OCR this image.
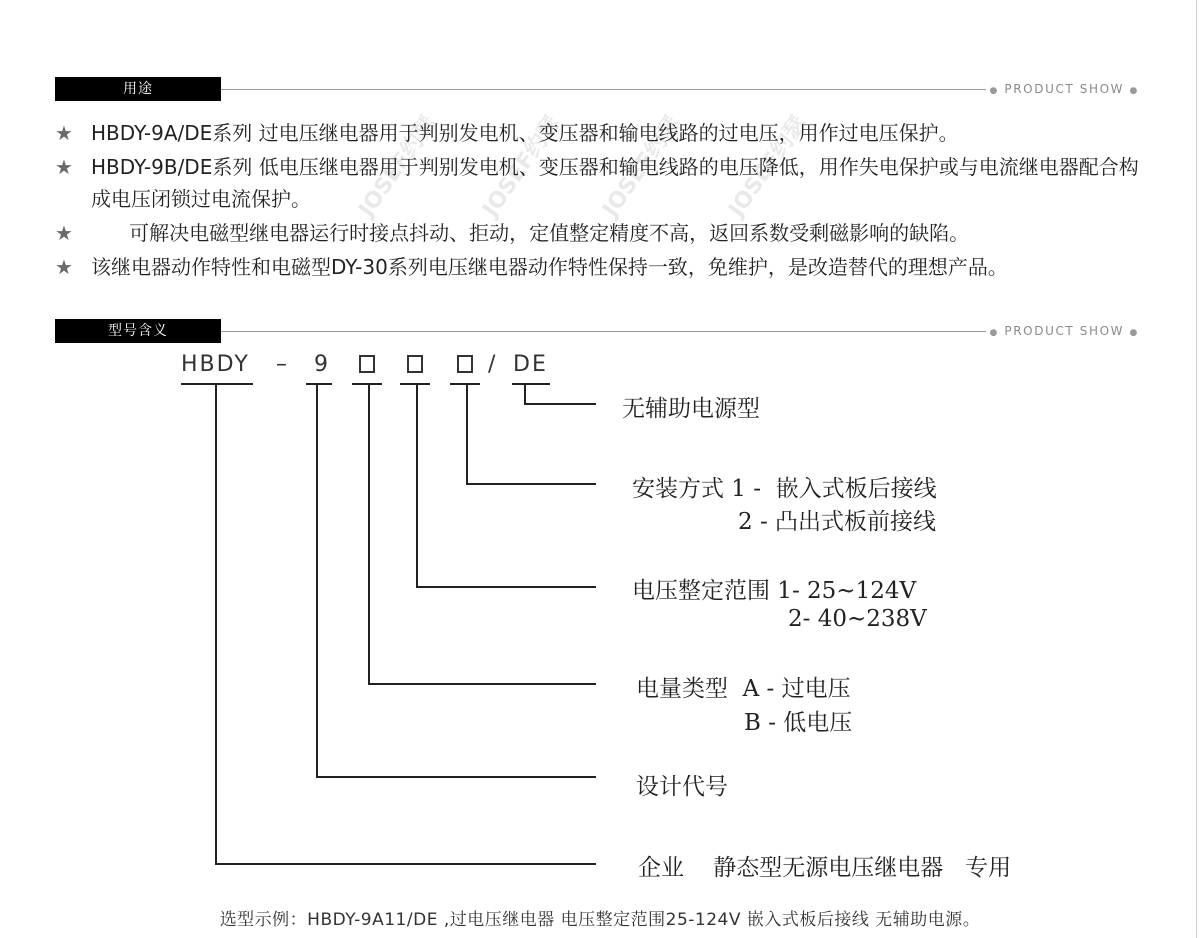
用途	● PRODUCT SHOW ●
JOSEF约瑟 JOSEF约瑟 JOSEF约瑟 JOSEF约瑟
★ HBDY-9A/DE系列 过电压继电器用于判别发电机、变压器和输电线路的过电压，用作过电压保护。
★ HBDY-9B/DE系列 低电压继电器用于判别发电机、变压器和输电线路的电压降低，用作失电保护或与电流继电器配合构成电压闭锁过电流保护。
★ 可解决电磁型继电器运行时接点抖动、拒动，定值整定精度不高，返回系数受剩磁影响的缺陷。
★ 该继电器动作特性和电磁型DY-30系列电压继电器动作特性保持一致，免维护，是改造替代的理想产品。
型号含义	● PRODUCT SHOW ●
HBDY – 9	/ DE
无辅助电源型
安装方式 1 -  嵌入式板后接线
2 - 凸出式板前接线
电压整定范围 1- 25~124V
2- 40~238V
电量类型  A - 过电压
B - 低电压
设计代号
企业    静态型无源电压继电器   专用
选型示例：HBDY-9A11/DE ,过电压继电器 电压整定范围25-124V 嵌入式板后接线 无辅助电源。
